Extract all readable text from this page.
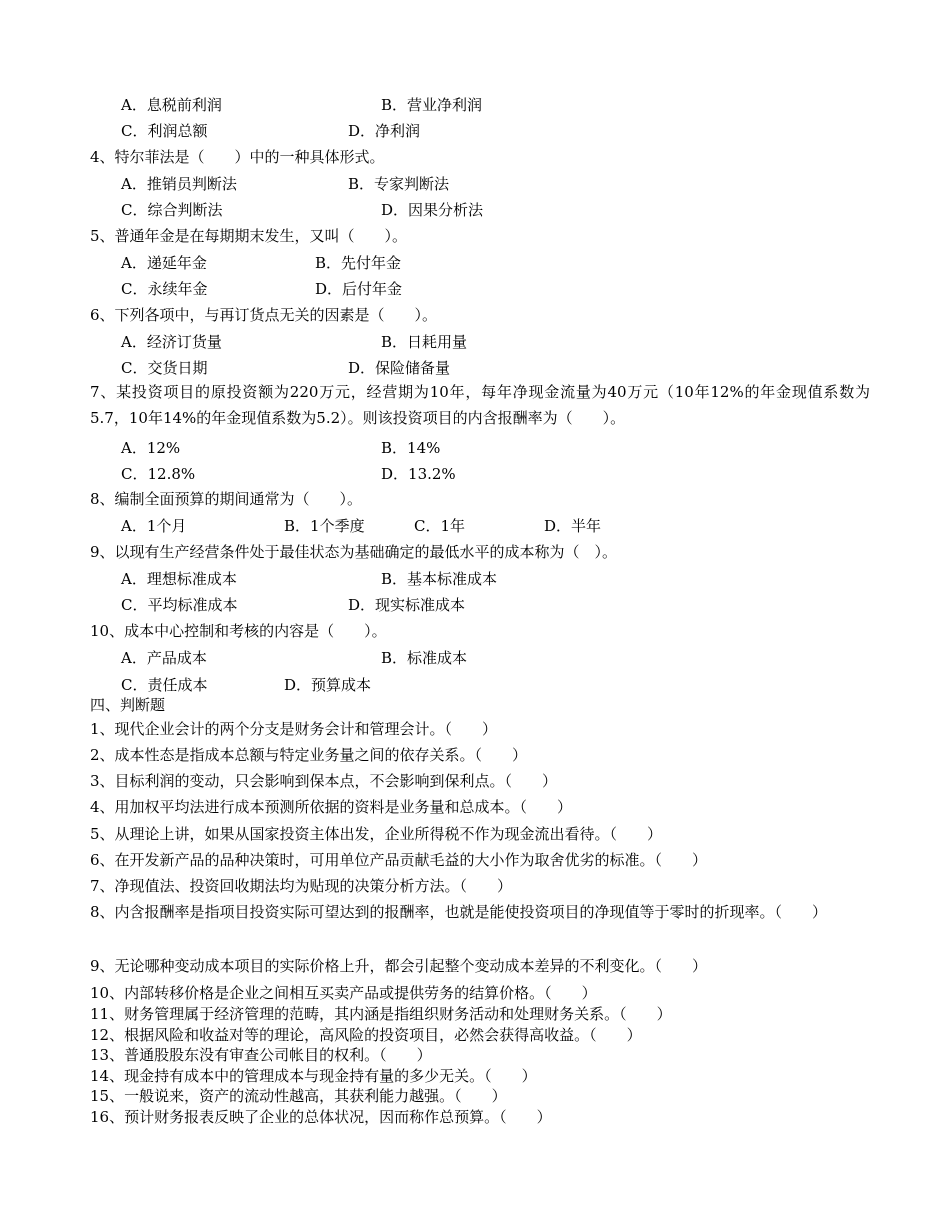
A．息税前利润	B．营业净利润
C．利润总额	D．净利润
4、特尔菲法是（　　）中的一种具体形式。
A．推销员判断法	B．专家判断法
C．综合判断法	D．因果分析法
5、普通年金是在每期期末发生，又叫（　　）。
A．递延年金	B．先付年金
C．永续年金	D．后付年金
6、下列各项中，与再订货点无关的因素是（　　）。
A．经济订货量	B．日耗用量
C．交货日期	D．保险储备量
7、某投资项目的原投资额为220万元，经营期为10年，每年净现金流量为40万元（10年12%的年金现值系数为5.7，10年14%的年金现值系数为5.2）。则该投资项目的内含报酬率为（　　）。
A．12%	B．14%
C．12.8%	D．13.2%
8、编制全面预算的期间通常为（　　）。
A．1个月	B．1个季度	C．1年	D．半年
9、以现有生产经营条件处于最佳状态为基础确定的最低水平的成本称为（　）。
A．理想标准成本	B．基本标准成本
C．平均标准成本	D．现实标准成本
10、成本中心控制和考核的内容是（　　）。
A．产品成本	B．标准成本
C．责任成本	D．预算成本
四、判断题
1、现代企业会计的两个分支是财务会计和管理会计。（　　）
2、成本性态是指成本总额与特定业务量之间的依存关系。（　　）
3、目标利润的变动，只会影响到保本点，不会影响到保利点。（　　）
4、用加权平均法进行成本预测所依据的资料是业务量和总成本。（　　）
5、从理论上讲，如果从国家投资主体出发，企业所得税不作为现金流出看待。（　　）
6、在开发新产品的品种决策时，可用单位产品贡献毛益的大小作为取舍优劣的标准。（　　）
7、净现值法、投资回收期法均为贴现的决策分析方法。（　　）
8、内含报酬率是指项目投资实际可望达到的报酬率，也就是能使投资项目的净现值等于零时的折现率。（　　）
9、无论哪种变动成本项目的实际价格上升，都会引起整个变动成本差异的不利变化。（　　）
10、内部转移价格是企业之间相互买卖产品或提供劳务的结算价格。（　　）
11、财务管理属于经济管理的范畴，其内涵是指组织财务活动和处理财务关系。（　　）
12、根据风险和收益对等的理论，高风险的投资项目，必然会获得高收益。（　　）
13、普通股股东没有审查公司帐目的权利。（　　）
14、现金持有成本中的管理成本与现金持有量的多少无关。（　　）
15、一般说来，资产的流动性越高，其获利能力越强。（　　）
16、预计财务报表反映了企业的总体状况，因而称作总预算。（　　）
